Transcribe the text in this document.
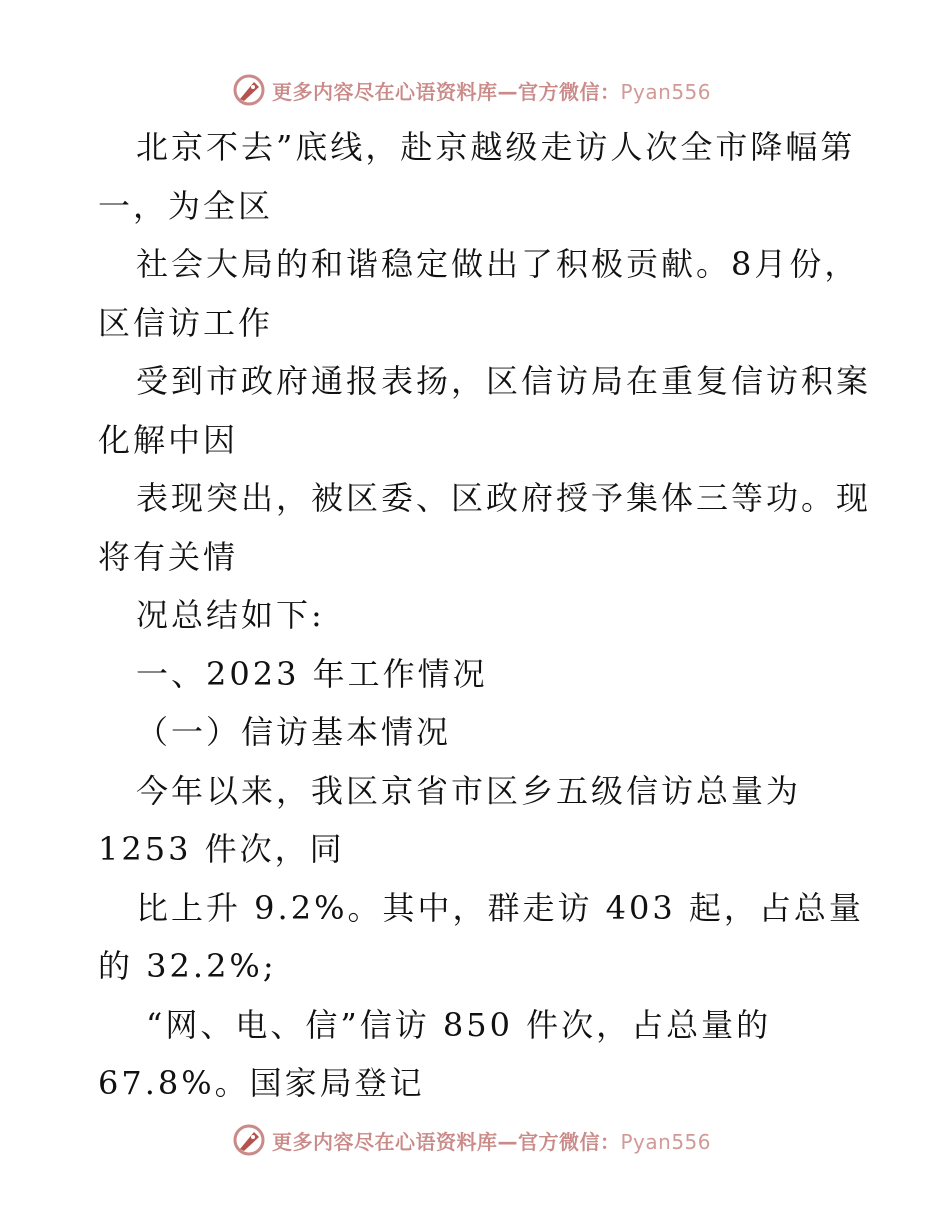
更多内容尽在心语资料库—官方微信：Pyan556
北京不去”底线，赴京越级走访人次全市降幅第
一，为全区
社会大局的和谐稳定做出了积极贡献。8月份，
区信访工作
受到市政府通报表扬，区信访局在重复信访积案
化解中因
表现突出，被区委、区政府授予集体三等功。现
将有关情
况总结如下:
一、2023 年工作情况
（一）信访基本情况
今年以来，我区京省市区乡五级信访总量为
1253 件次，同
比上升 9.2%。其中，群走访 403 起，占总量
的 32.2%;
“网、电、信”信访 850 件次，占总量的
67.8%。国家局登记
更多内容尽在心语资料库—官方微信：Pyan556
